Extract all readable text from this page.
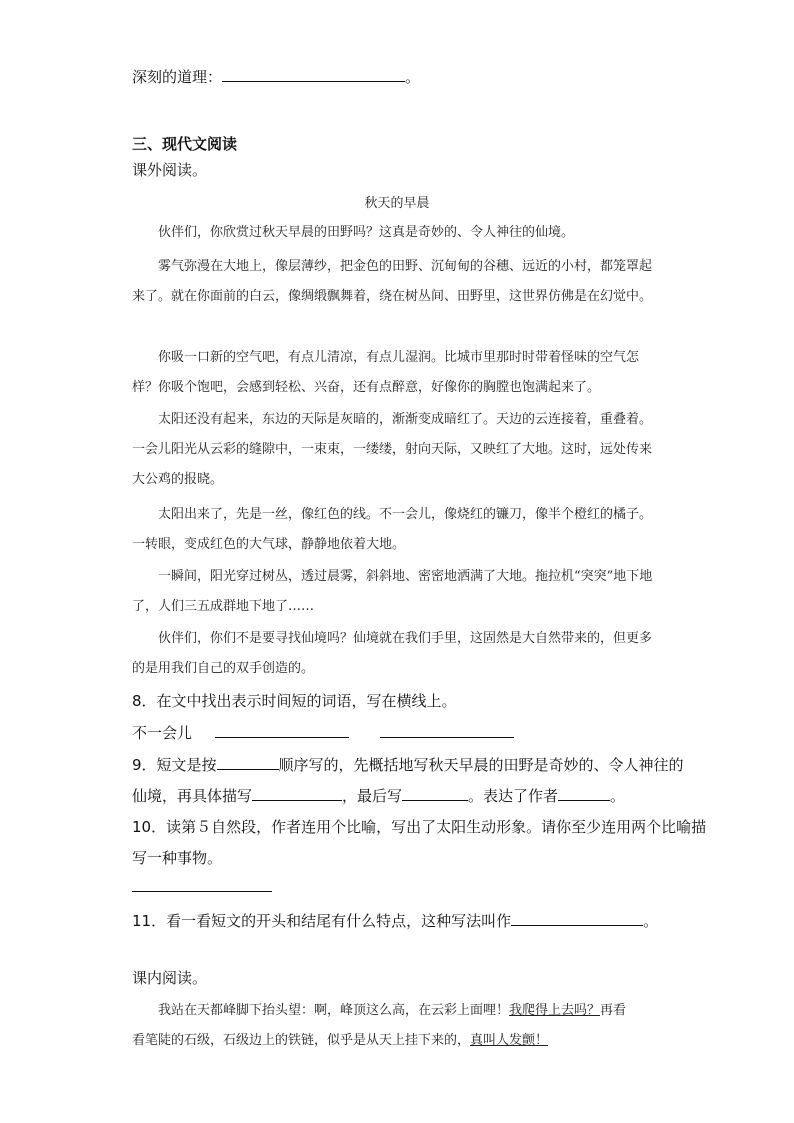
深刻的道理：	。
三、现代文阅读
课外阅读。
秋天的早晨
伙伴们，你欣赏过秋天早晨的田野吗？这真是奇妙的、令人神往的仙境。
雾气弥漫在大地上，像层薄纱，把金色的田野、沉甸甸的谷穗、远近的小村，都笼罩起来了。就在你面前的白云，像绸缎飘舞着，绕在树丛间、田野里，这世界仿佛是在幻觉中。
你吸一口新的空气吧，有点儿清凉，有点儿湿润。比城市里那时时带着怪味的空气怎样？你吸个饱吧，会感到轻松、兴奋，还有点醉意，好像你的胸膛也饱满起来了。
太阳还没有起来，东边的天际是灰暗的，渐渐变成暗红了。天边的云连接着，重叠着。一会儿阳光从云彩的缝隙中，一束束，一缕缕，射向天际，又映红了大地。这时，远处传来大公鸡的报晓。
太阳出来了，先是一丝，像红色的线。不一会儿，像烧红的镰刀，像半个橙红的橘子。一转眼，变成红色的大气球，静静地依着大地。
一瞬间，阳光穿过树丛，透过晨雾，斜斜地、密密地洒满了大地。拖拉机“突突”地下地了，人们三五成群地下地了……
伙伴们，你们不是要寻找仙境吗？仙境就在我们手里，这固然是大自然带来的，但更多的是用我们自己的双手创造的。
8．在文中找出表示时间短的词语，写在横线上。
不一会儿
9．短文是按	顺序写的，先概括地写秋天早晨的田野是奇妙的、令人神往的
仙境，再具体描写	，最后写	。表达了作者	。
10．读第５自然段，作者连用个比喻，写出了太阳生动形象。请你至少连用两个比喻描
写一种事物。
11．看一看短文的开头和结尾有什么特点，这种写法叫作	。
课内阅读。
我站在天都峰脚下抬头望：啊，峰顶这么高，在云彩上面哩！我爬得上去吗？再看
看笔陡的石级，石级边上的铁链，似乎是从天上挂下来的，真叫人发颤！
